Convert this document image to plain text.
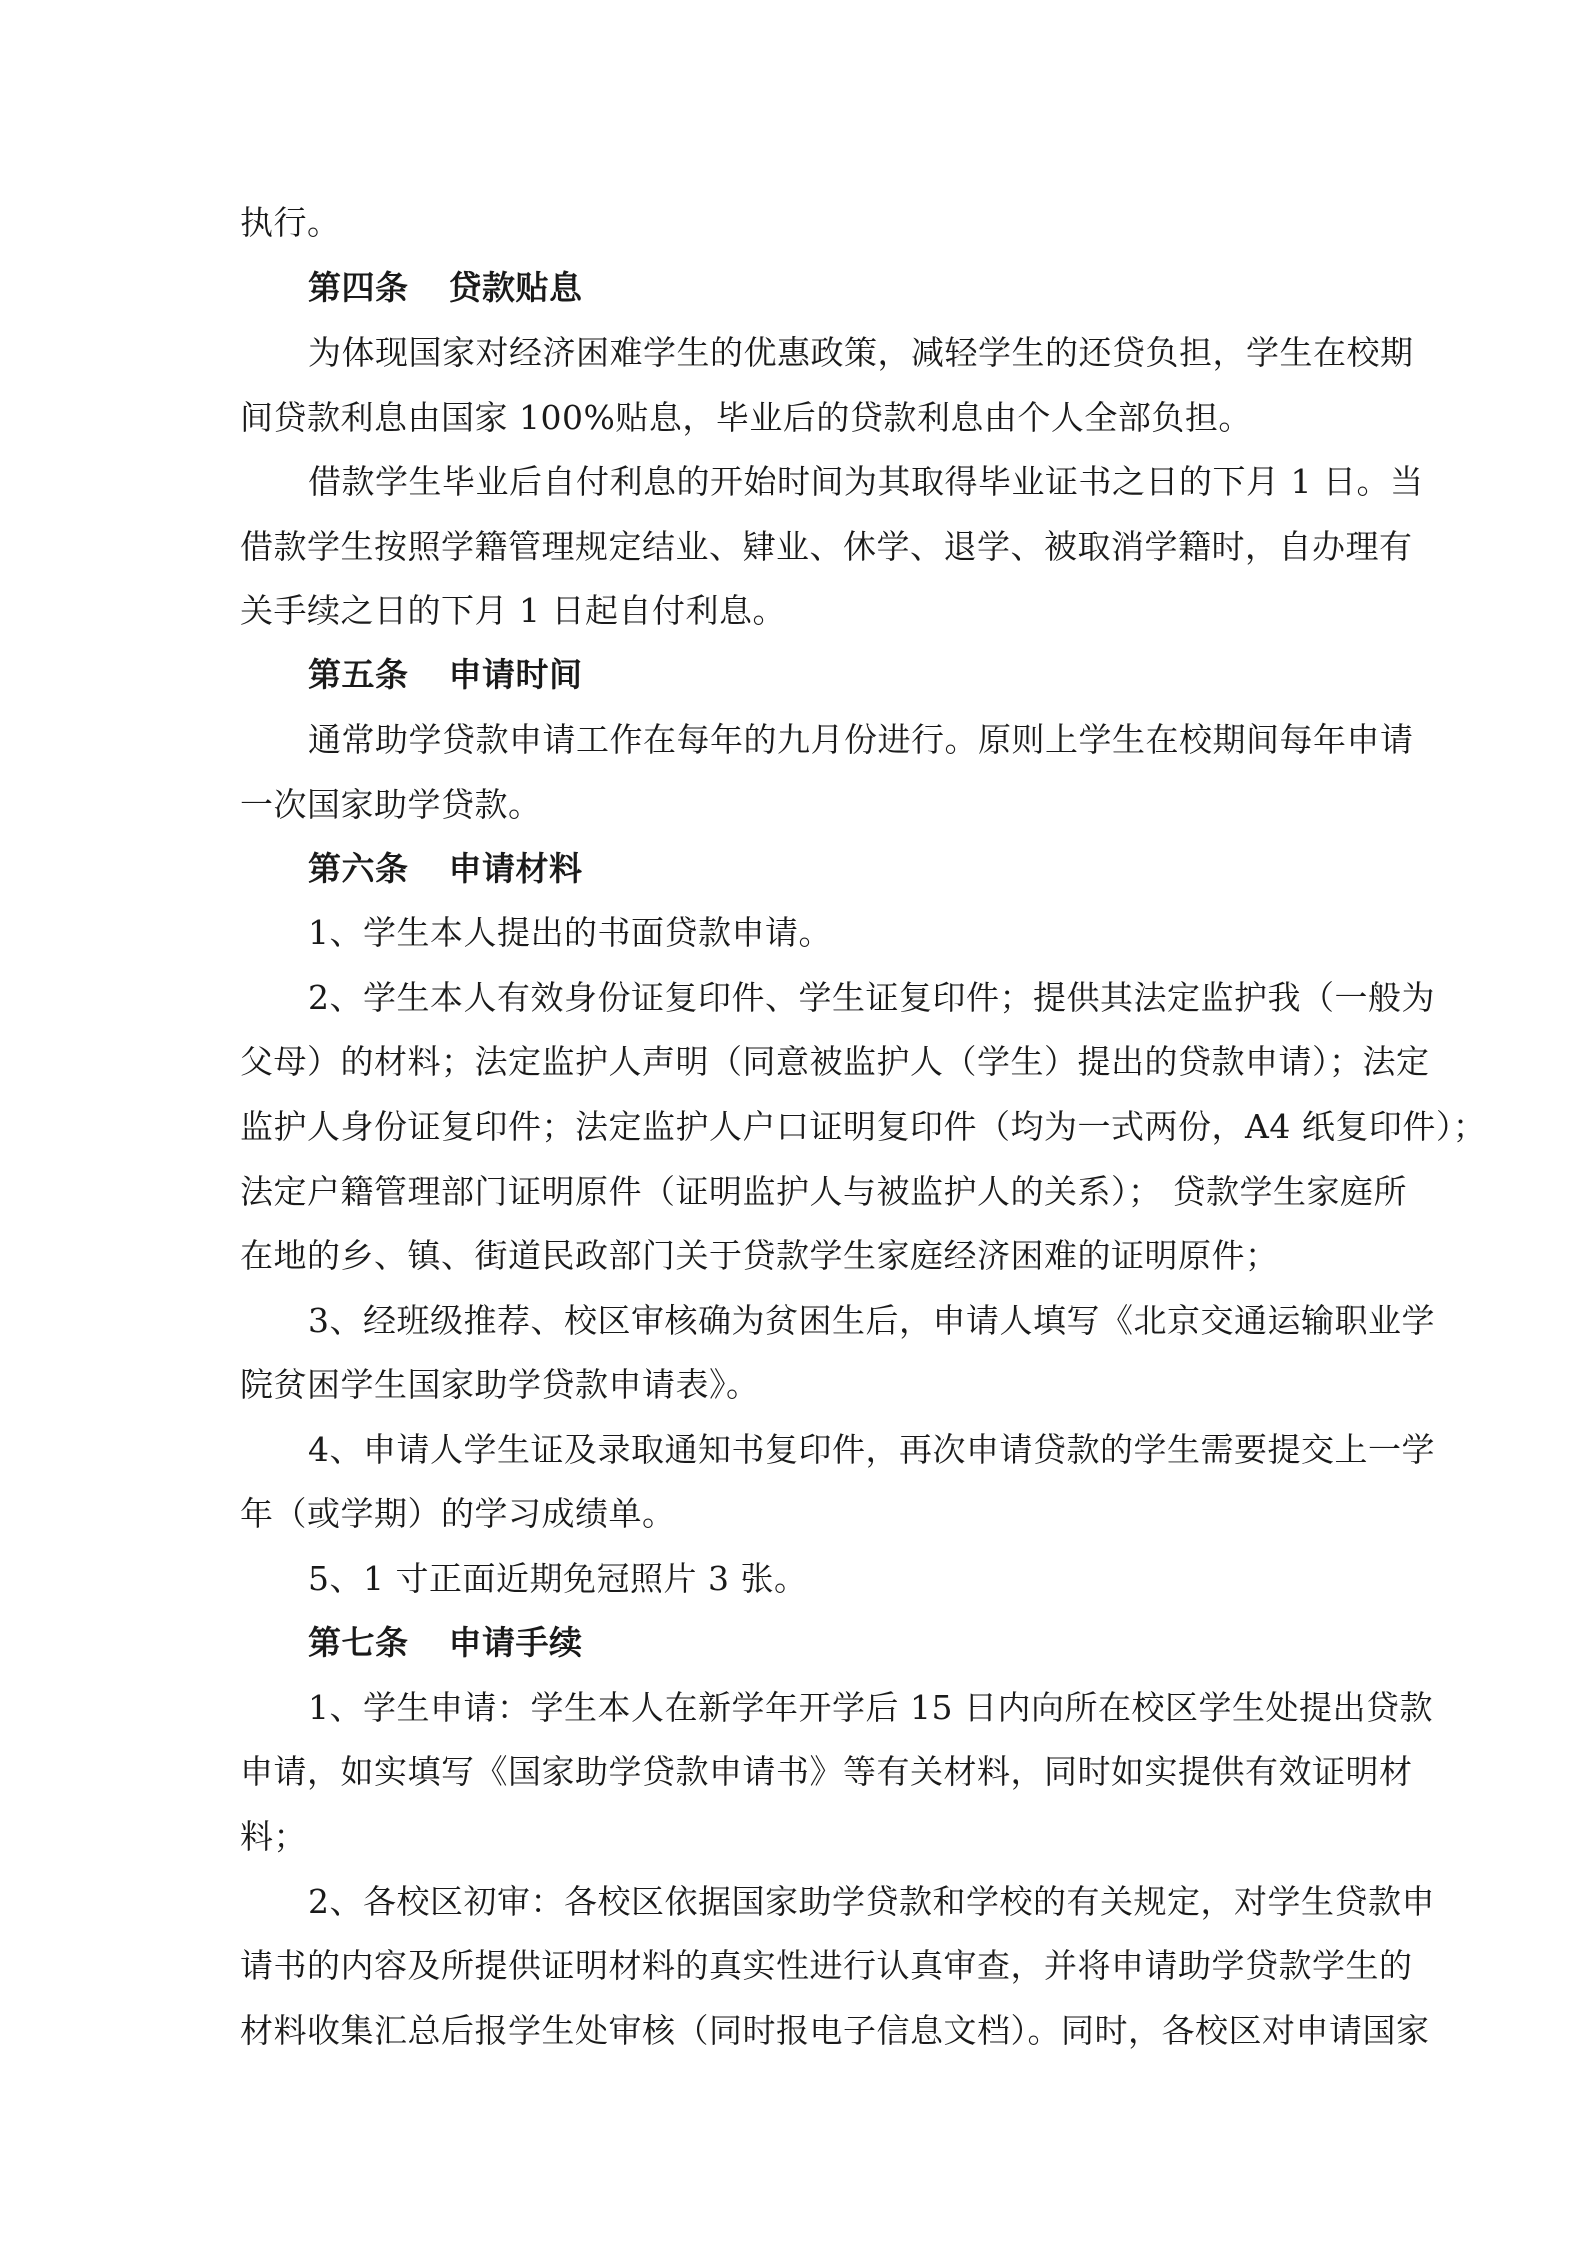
执行。

第四条 贷款贴息

为体现国家对经济困难学生的优惠政策，减轻学生的还贷负担，学生在校期

间贷款利息由国家 100%贴息，毕业后的贷款利息由个人全部负担。

借款学生毕业后自付利息的开始时间为其取得毕业证书之日的下月 1 日。当

借款学生按照学籍管理规定结业、肄业、休学、退学、被取消学籍时，自办理有

关手续之日的下月 1 日起自付利息。

第五条 申请时间

通常助学贷款申请工作在每年的九月份进行。原则上学生在校期间每年申请

一次国家助学贷款。

第六条 申请材料

1、学生本人提出的书面贷款申请。

2、学生本人有效身份证复印件、学生证复印件；提供其法定监护我（一般为

父母）的材料；法定监护人声明（同意被监护人（学生）提出的贷款申请）；法定

监护人身份证复印件；法定监护人户口证明复印件（均为一式两份，A4 纸复印件）；

法定户籍管理部门证明原件（证明监护人与被监护人的关系）； 贷款学生家庭所

在地的乡、镇、街道民政部门关于贷款学生家庭经济困难的证明原件；

3、经班级推荐、校区审核确为贫困生后，申请人填写《北京交通运输职业学

院贫困学生国家助学贷款申请表》。

4、申请人学生证及录取通知书复印件，再次申请贷款的学生需要提交上一学

年（或学期）的学习成绩单。

5、1 寸正面近期免冠照片 3 张。

第七条 申请手续

1、学生申请：学生本人在新学年开学后 15 日内向所在校区学生处提出贷款

申请，如实填写《国家助学贷款申请书》等有关材料，同时如实提供有效证明材

料；

2、各校区初审：各校区依据国家助学贷款和学校的有关规定，对学生贷款申

请书的内容及所提供证明材料的真实性进行认真审查，并将申请助学贷款学生的

材料收集汇总后报学生处审核（同时报电子信息文档）。同时，各校区对申请国家
